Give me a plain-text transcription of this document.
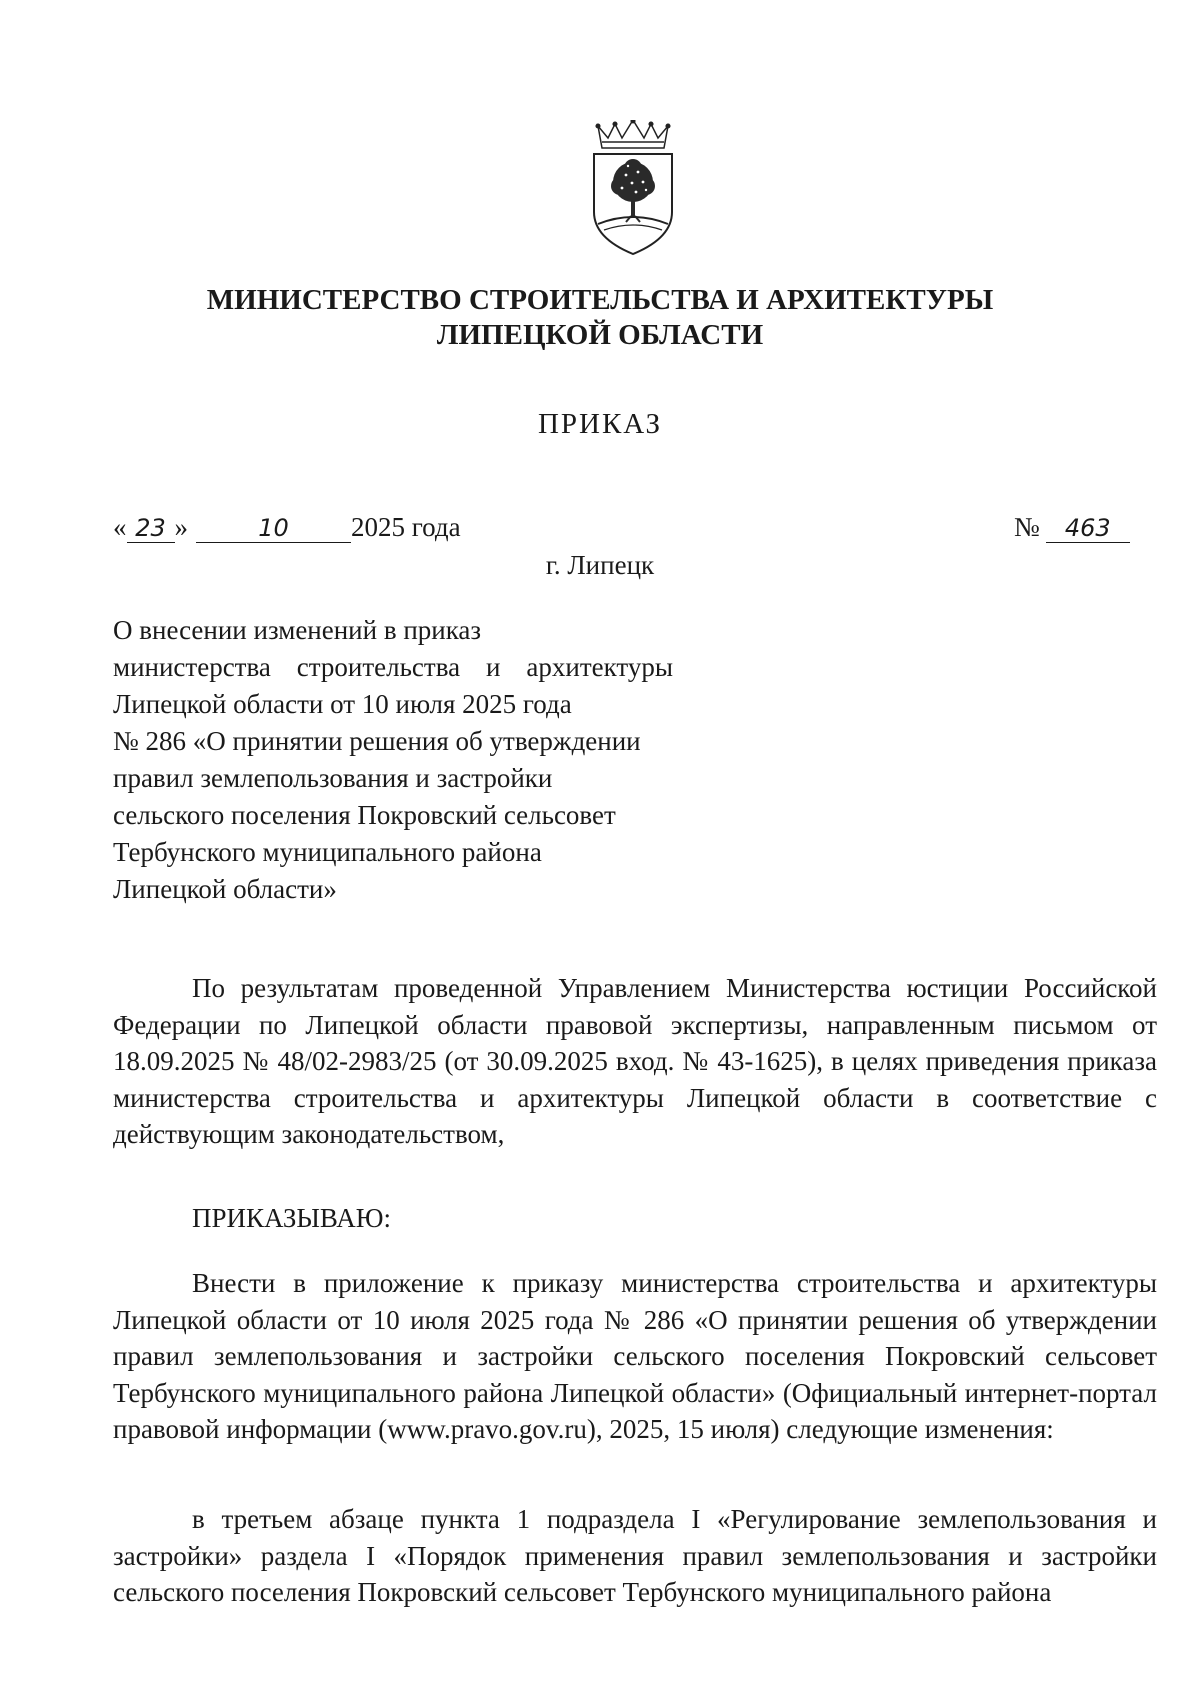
МИНИСТЕРСТВО СТРОИТЕЛЬСТВА И АРХИТЕКТУРЫ
ЛИПЕЦКОЙ ОБЛАСТИ
ПРИКАЗ
« 23 »	10 2025 года	№ 463
г. Липецк
О внесении изменений в приказ
министерства строительства и архитектуры
Липецкой области от 10 июля 2025 года
№ 286 «О принятии решения об утверждении
правил землепользования и застройки
сельского поселения Покровский сельсовет
Тербунского муниципального района
Липецкой области»

По результатам проведенной Управлением Министерства юстиции Российской Федерации по Липецкой области правовой экспертизы, направленным письмом от 18.09.2025 № 48/02-2983/25 (от 30.09.2025 вход. № 43-1625), в целях приведения приказа министерства строительства и архитектуры Липецкой области в соответствие с действующим законодательством,

ПРИКАЗЫВАЮ:

Внести в приложение к приказу министерства строительства и архитектуры Липецкой области от 10 июля 2025 года № 286 «О принятии решения об утверждении правил землепользования и застройки сельского поселения Покровский сельсовет Тербунского муниципального района Липецкой области» (Официальный интернет-портал правовой информации (www.pravo.gov.ru), 2025, 15 июля) следующие изменения:

в третьем абзаце пункта 1 подраздела I «Регулирование землепользования и застройки» раздела I «Порядок применения правил землепользования и застройки сельского поселения Покровский сельсовет Тербунского муниципального района
